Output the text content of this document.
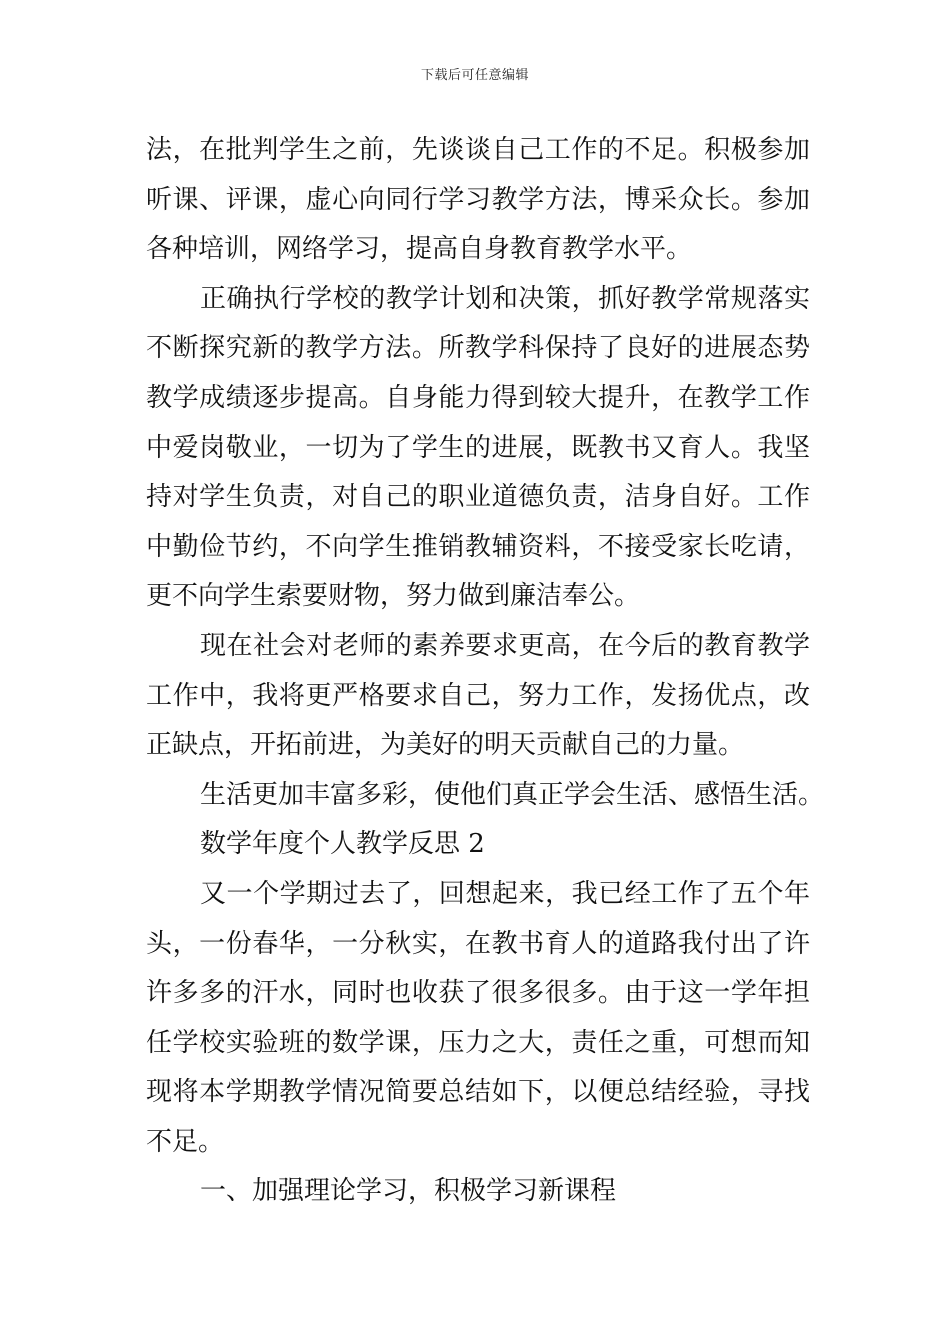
下载后可任意编辑
法，在批判学生之前，先谈谈自己工作的不足。积极参加
听课、评课，虚心向同行学习教学方法，博采众长。参加
各种培训，网络学习，提高自身教育教学水平。
正确执行学校的教学计划和决策，抓好教学常规落实
不断探究新的教学方法。所教学科保持了良好的进展态势
教学成绩逐步提高。自身能力得到较大提升，在教学工作
中爱岗敬业，一切为了学生的进展，既教书又育人。我坚
持对学生负责，对自己的职业道德负责，洁身自好。工作
中勤俭节约，不向学生推销教辅资料，不接受家长吃请，
更不向学生索要财物，努力做到廉洁奉公。
现在社会对老师的素养要求更高，在今后的教育教学
工作中，我将更严格要求自己，努力工作，发扬优点，改
正缺点，开拓前进，为美好的明天贡献自己的力量。
生活更加丰富多彩，使他们真正学会生活、感悟生活。
数学年度个人教学反思 2
又一个学期过去了，回想起来，我已经工作了五个年
头，一份春华，一分秋实，在教书育人的道路我付出了许
许多多的汗水，同时也收获了很多很多。由于这一学年担
任学校实验班的数学课，压力之大，责任之重，可想而知
现将本学期教学情况简要总结如下，以便总结经验，寻找
不足。
一、加强理论学习，积极学习新课程
